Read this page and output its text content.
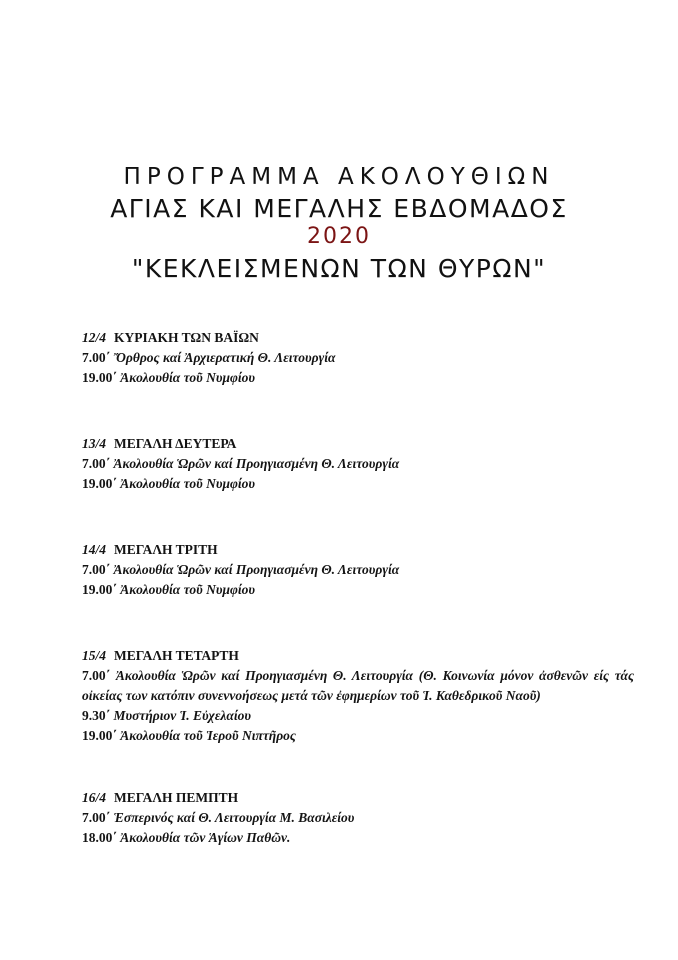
ΠΡΟΓΡΑΜΜΑ ΑΚΟΛΟΥΘΙΩΝ
ΑΓΙΑΣ ΚΑΙ ΜΕΓΑΛΗΣ ΕΒΔΟΜΑΔΟΣ
2020
"ΚΕΚΛΕΙΣΜΕΝΩΝ ΤΩΝ ΘΥΡΩΝ"
12/4 ΚΥΡΙΑΚΗ ΤΩΝ ΒΑΪΩΝ
7.00΄ Ὄρθρος καί Ἀρχιερατική Θ. Λειτουργία
19.00΄ Ἀκολουθία τοῦ Νυμφίου
13/4 ΜΕΓΑΛΗ ΔΕΥΤΕΡΑ
7.00΄ Ἀκολουθία Ὡρῶν καί Προηγιασμένη Θ. Λειτουργία
19.00΄ Ἀκολουθία τοῦ Νυμφίου
14/4 ΜΕΓΑΛΗ ΤΡΙΤΗ
7.00΄ Ἀκολουθία Ὡρῶν καί Προηγιασμένη Θ. Λειτουργία
19.00΄ Ἀκολουθία τοῦ Νυμφίου
15/4 ΜΕΓΑΛΗ ΤΕΤΑΡΤΗ
7.00΄ Ἀκολουθία Ὡρῶν καί Προηγιασμένη Θ. Λειτουργία (Θ. Κοινωνία μόνον ἀσθενῶν είς τάς οἰκείας των κατόπιν συνεννοήσεως μετά τῶν ἐφημερίων τοῦ Ἱ. Καθεδρικοῦ Ναοῦ)
9.30΄ Μυστήριον Ἱ. Εὐχελαίου
19.00΄ Ἀκολουθία τοῦ Ἱεροῦ Νιπτῆρος
16/4 ΜΕΓΑΛΗ ΠΕΜΠΤΗ
7.00΄ Ἑσπερινός καί Θ. Λειτουργία Μ. Βασιλείου
18.00΄ Ἀκολουθία τῶν Ἁγίων Παθῶν.
